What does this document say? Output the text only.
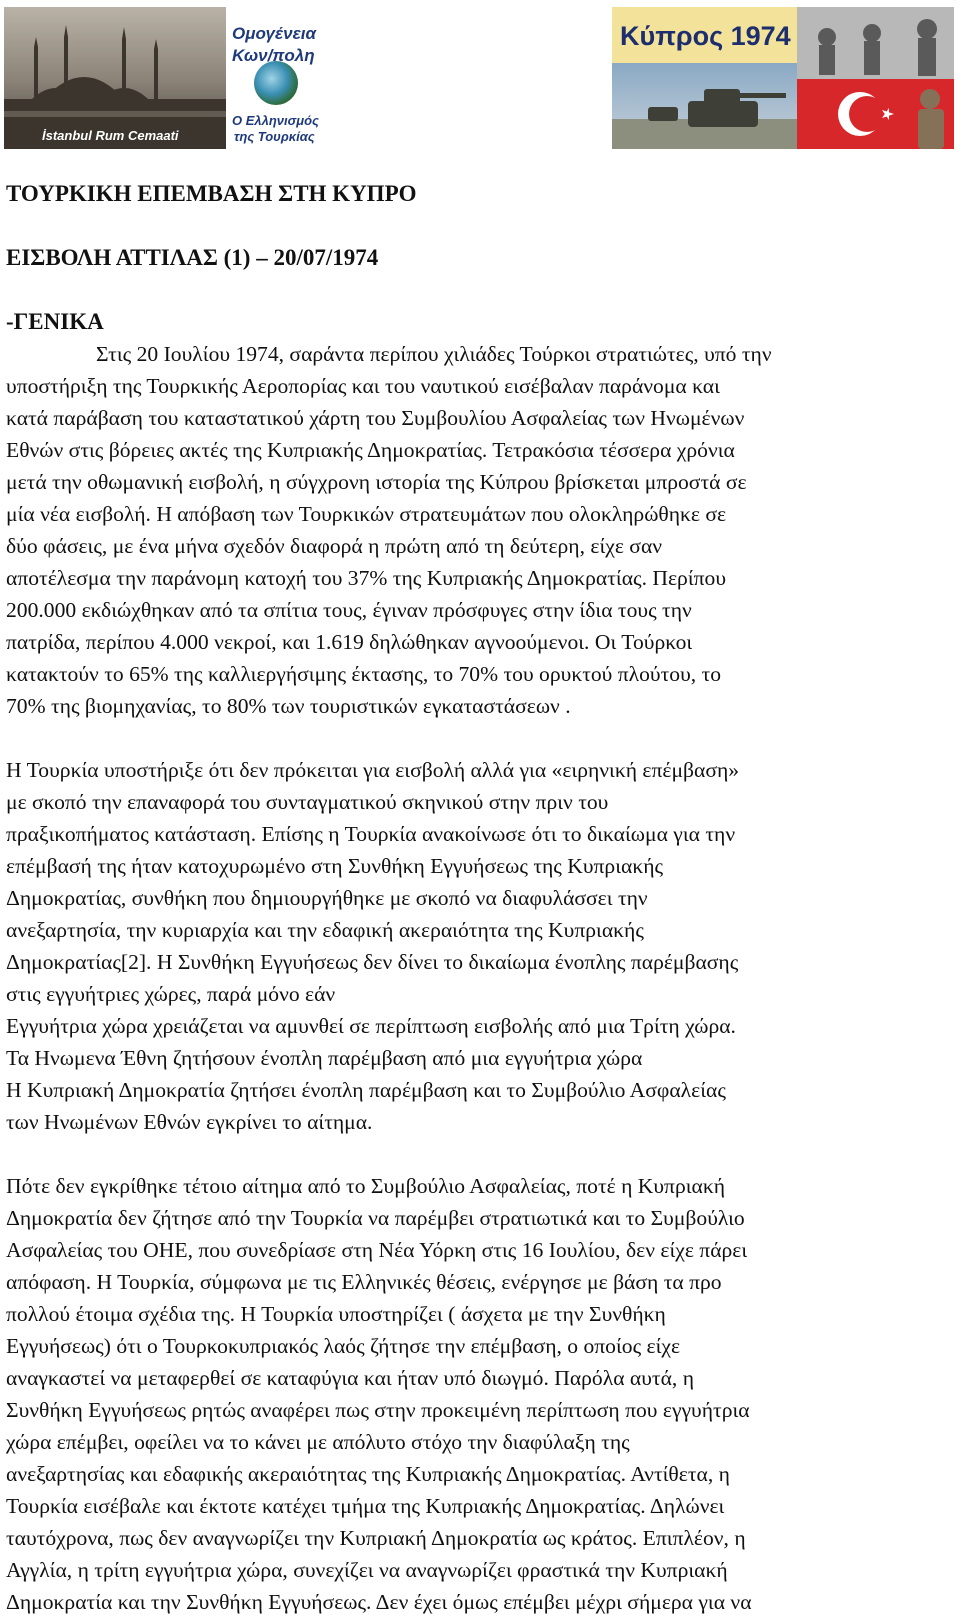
İstanbul Rum Cemaati
Ομογένεια
Κων/πολη
Ο Ελληνισμός
της Τουρκίας
Κύπρος 1974
ΤΟΥΡΚΙΚΗ ΕΠΕΜΒΑΣΗ ΣΤΗ ΚΥΠΡΟ
ΕΙΣΒΟΛΗ ΑΤΤΙΛΑΣ (1) – 20/07/1974
-ΓΕΝΙΚΑ

Στις 20 Ιουλίου 1974, σαράντα περίπου χιλιάδες Τούρκοι στρατιώτες, υπό την

υποστήριξη της Τουρκικής Αεροπορίας και του ναυτικού εισέβαλαν παράνομα και

κατά παράβαση του καταστατικού χάρτη του Συμβουλίου Ασφαλείας των Ηνωμένων

Εθνών στις βόρειες ακτές της Κυπριακής Δημοκρατίας. Τετρακόσια τέσσερα χρόνια

μετά την οθωμανική εισβολή, η σύγχρονη ιστορία της Κύπρου βρίσκεται μπροστά σε

μία νέα εισβολή. Η απόβαση των Τουρκικών στρατευμάτων που ολοκληρώθηκε σε

δύο φάσεις, με ένα μήνα σχεδόν διαφορά η πρώτη από τη δεύτερη, είχε σαν

αποτέλεσμα την παράνομη κατοχή του 37% της Κυπριακής Δημοκρατίας. Περίπου

200.000 εκδιώχθηκαν από τα σπίτια τους, έγιναν πρόσφυγες στην ίδια τους την

πατρίδα, περίπου 4.000 νεκροί, και 1.619 δηλώθηκαν αγνοούμενοι. Οι Τούρκοι

κατακτούν το 65% της καλλιεργήσιμης έκτασης, το 70% του ορυκτού πλούτου, το

70% της βιομηχανίας, το 80% των τουριστικών εγκαταστάσεων .

Η Τουρκία υποστήριξε ότι δεν πρόκειται για εισβολή αλλά για «ειρηνική επέμβαση»

με σκοπό την επαναφορά του συνταγματικού σκηνικού στην πριν του

πραξικοπήματος κατάσταση. Επίσης η Τουρκία ανακοίνωσε ότι το δικαίωμα για την

επέμβασή της ήταν κατοχυρωμένο στη Συνθήκη Εγγυήσεως της Κυπριακής

Δημοκρατίας, συνθήκη που δημιουργήθηκε με σκοπό να διαφυλάσσει την

ανεξαρτησία, την κυριαρχία και την εδαφική ακεραιότητα της Κυπριακής

Δημοκρατίας[2]. Η Συνθήκη Εγγυήσεως δεν δίνει το δικαίωμα ένοπλης παρέμβασης

στις εγγυήτριες χώρες, παρά μόνο εάν

Εγγυήτρια χώρα χρειάζεται να αμυνθεί σε περίπτωση εισβολής από μια Τρίτη χώρα.

Τα Ηνωμενα Έθνη ζητήσουν ένοπλη παρέμβαση από μια εγγυήτρια χώρα

Η Κυπριακή Δημοκρατία ζητήσει ένοπλη παρέμβαση και το Συμβούλιο Ασφαλείας

των Ηνωμένων Εθνών εγκρίνει το αίτημα.

Πότε δεν εγκρίθηκε τέτοιο αίτημα από το Συμβούλιο Ασφαλείας, ποτέ η Κυπριακή

Δημοκρατία δεν ζήτησε από την Τουρκία να παρέμβει στρατιωτικά και το Συμβούλιο

Ασφαλείας του ΟΗΕ, που συνεδρίασε στη Νέα Υόρκη στις 16 Ιουλίου, δεν είχε πάρει

απόφαση. Η Τουρκία, σύμφωνα με τις Ελληνικές θέσεις, ενέργησε με βάση τα προ

πολλού έτοιμα σχέδια της. Η Τουρκία υποστηρίζει ( άσχετα με την Συνθήκη

Εγγυήσεως) ότι ο Τουρκοκυπριακός λαός ζήτησε την επέμβαση, ο οποίος είχε

αναγκαστεί να μεταφερθεί σε καταφύγια και ήταν υπό διωγμό. Παρόλα αυτά, η

Συνθήκη Εγγυήσεως ρητώς αναφέρει πως στην προκειμένη περίπτωση που εγγυήτρια

χώρα επέμβει, οφείλει να το κάνει με απόλυτο στόχο την διαφύλαξη της

ανεξαρτησίας και εδαφικής ακεραιότητας της Κυπριακής Δημοκρατίας. Αντίθετα, η

Τουρκία εισέβαλε και έκτοτε κατέχει τμήμα της Κυπριακής Δημοκρατίας. Δηλώνει

ταυτόχρονα, πως δεν αναγνωρίζει την Κυπριακή Δημοκρατία ως κράτος. Επιπλέον, η

Αγγλία, η τρίτη εγγυήτρια χώρα, συνεχίζει να αναγνωρίζει φραστικά την Κυπριακή

Δημοκρατία και την Συνθήκη Εγγυήσεως. Δεν έχει όμως επέμβει μέχρι σήμερα για να
